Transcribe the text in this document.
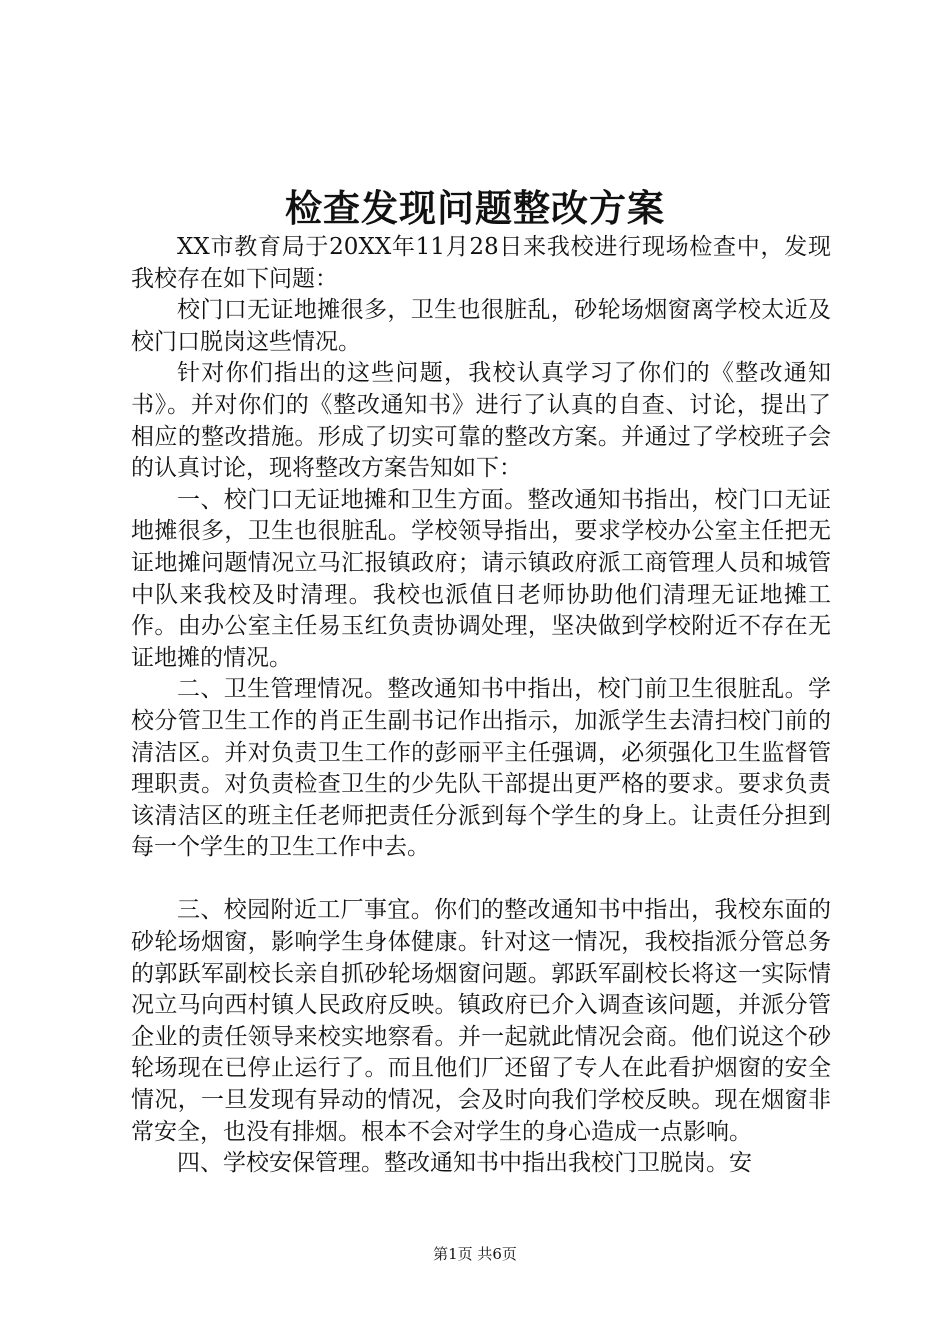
检查发现问题整改方案

XX市教育局于20XX年11月28日来我校进行现场检查中，发现我校存在如下问题：

校门口无证地摊很多，卫生也很脏乱，砂轮场烟窗离学校太近及校门口脱岗这些情况。

针对你们指出的这些问题，我校认真学习了你们的《整改通知书》。并对你们的《整改通知书》进行了认真的自查、讨论，提出了相应的整改措施。形成了切实可靠的整改方案。并通过了学校班子会的认真讨论，现将整改方案告知如下：

一、校门口无证地摊和卫生方面。整改通知书指出，校门口无证地摊很多，卫生也很脏乱。学校领导指出，要求学校办公室主任把无证地摊问题情况立马汇报镇政府；请示镇政府派工商管理人员和城管中队来我校及时清理。我校也派值日老师协助他们清理无证地摊工作。由办公室主任易玉红负责协调处理，坚决做到学校附近不存在无证地摊的情况。

二、卫生管理情况。整改通知书中指出，校门前卫生很脏乱。学校分管卫生工作的肖正生副书记作出指示，加派学生去清扫校门前的清洁区。并对负责卫生工作的彭丽平主任强调，必须强化卫生监督管理职责。对负责检查卫生的少先队干部提出更严格的要求。要求负责该清洁区的班主任老师把责任分派到每个学生的身上。让责任分担到每一个学生的卫生工作中去。

三、校园附近工厂事宜。你们的整改通知书中指出，我校东面的砂轮场烟窗，影响学生身体健康。针对这一情况，我校指派分管总务的郭跃军副校长亲自抓砂轮场烟窗问题。郭跃军副校长将这一实际情况立马向西村镇人民政府反映。镇政府已介入调查该问题，并派分管企业的责任领导来校实地察看。并一起就此情况会商。他们说这个砂轮场现在已停止运行了。而且他们厂还留了专人在此看护烟窗的安全情况，一旦发现有异动的情况，会及时向我们学校反映。现在烟窗非常安全，也没有排烟。根本不会对学生的身心造成一点影响。

四、学校安保管理。整改通知书中指出我校门卫脱岗。安

第1页 共6页
